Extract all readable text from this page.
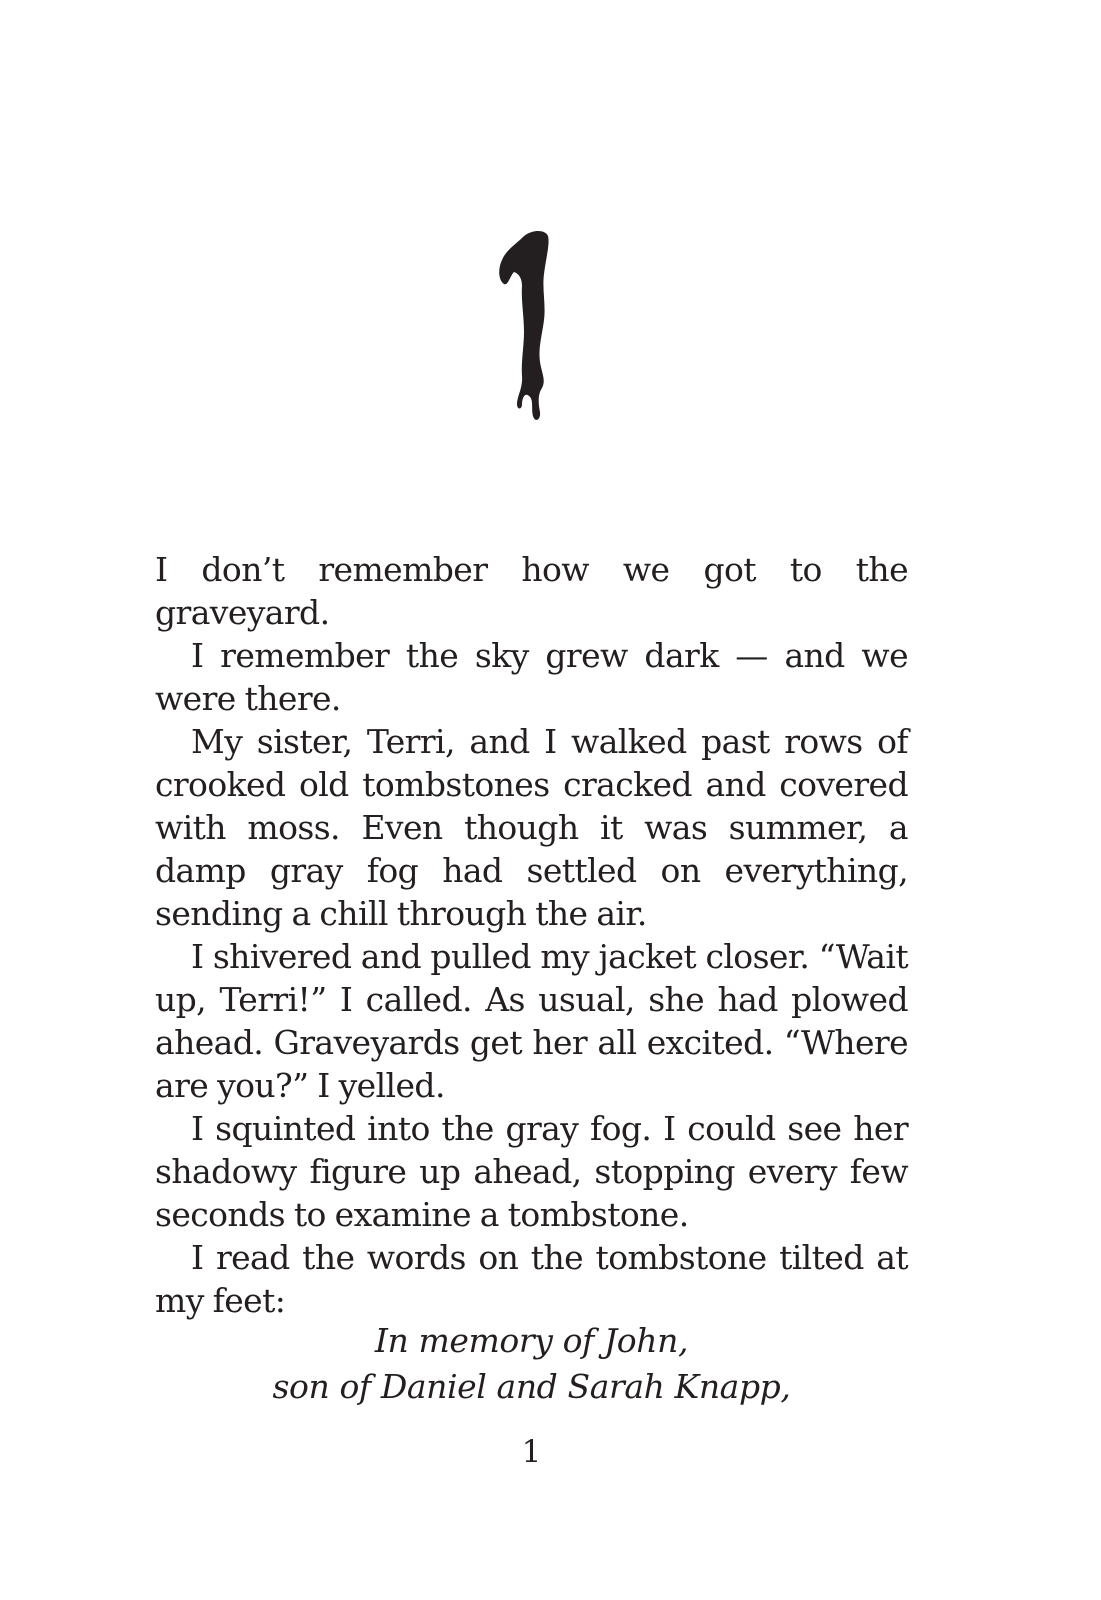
I don’t remember how we got to the graveyard.

I remember the sky grew dark — and we were there.

My sister, Terri, and I walked past rows of crooked old tombstones cracked and covered with moss. Even though it was summer, a damp gray fog had settled on everything, sending a chill through the air.

I shivered and pulled my jacket closer. “Wait up, Terri!” I called. As usual, she had plowed ahead. Graveyards get her all excited. “Where are you?” I yelled.

I squinted into the gray fog. I could see her shadowy figure up ahead, stopping every few seconds to examine a tombstone.

I read the words on the tombstone tilted at my feet:

In memory of John,
son of Daniel and Sarah Knapp,
1
